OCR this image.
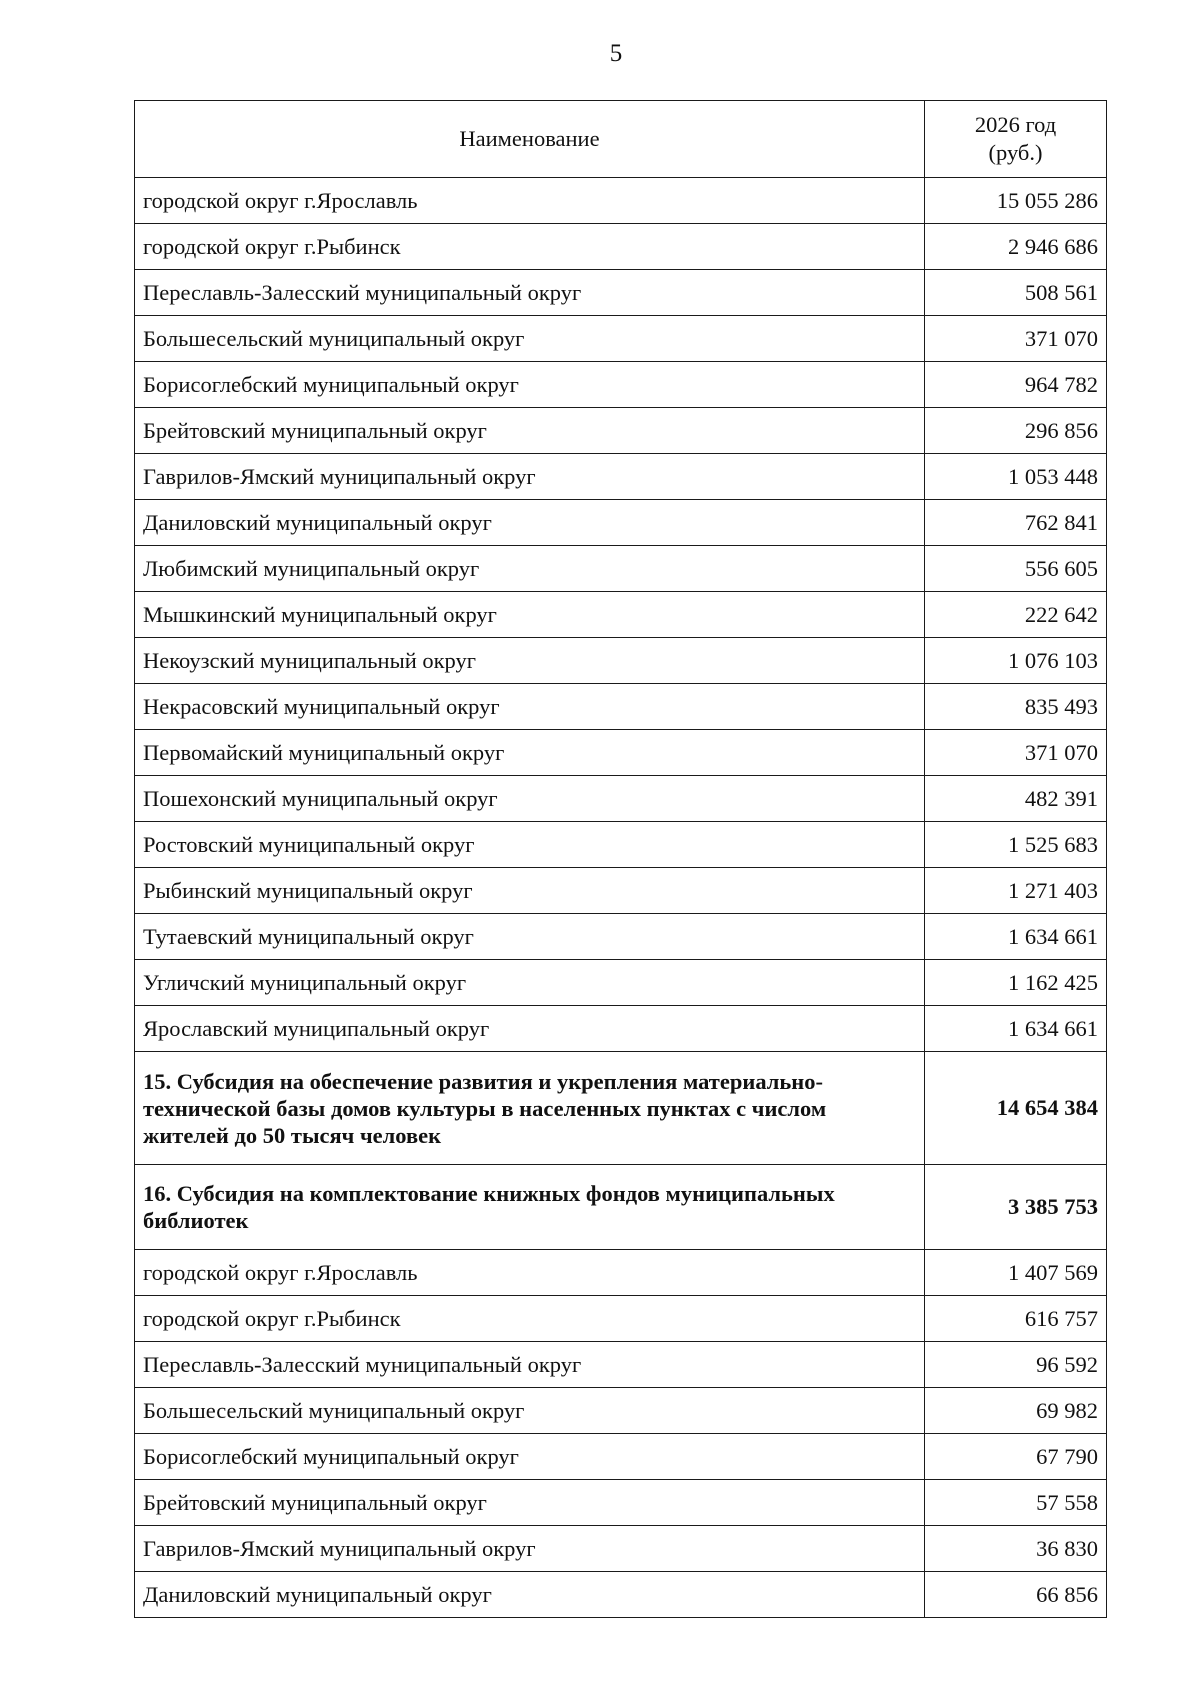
5
Наименование	2026 год
(руб.)
городской округ г.Ярославль	15 055 286
городской округ г.Рыбинск	2 946 686
Переславль-Залесский муниципальный округ	508 561
Большесельский муниципальный округ	371 070
Борисоглебский муниципальный округ	964 782
Брейтовский муниципальный округ	296 856
Гаврилов-Ямский муниципальный округ	1 053 448
Даниловский муниципальный округ	762 841
Любимский муниципальный округ	556 605
Мышкинский муниципальный округ	222 642
Некоузский муниципальный округ	1 076 103
Некрасовский муниципальный округ	835 493
Первомайский муниципальный округ	371 070
Пошехонский муниципальный округ	482 391
Ростовский муниципальный округ	1 525 683
Рыбинский муниципальный округ	1 271 403
Тутаевский муниципальный округ	1 634 661
Угличский муниципальный округ	1 162 425
Ярославский муниципальный округ	1 634 661
15. Субсидия на обеспечение развития и укрепления материально-технической базы домов культуры в населенных пунктах с числом жителей до 50 тысяч человек	14 654 384
16. Субсидия на комплектование книжных фондов муниципальных библиотек	3 385 753
городской округ г.Ярославль	1 407 569
городской округ г.Рыбинск	616 757
Переславль-Залесский муниципальный округ	96 592
Большесельский муниципальный округ	69 982
Борисоглебский муниципальный округ	67 790
Брейтовский муниципальный округ	57 558
Гаврилов-Ямский муниципальный округ	36 830
Даниловский муниципальный округ	66 856
